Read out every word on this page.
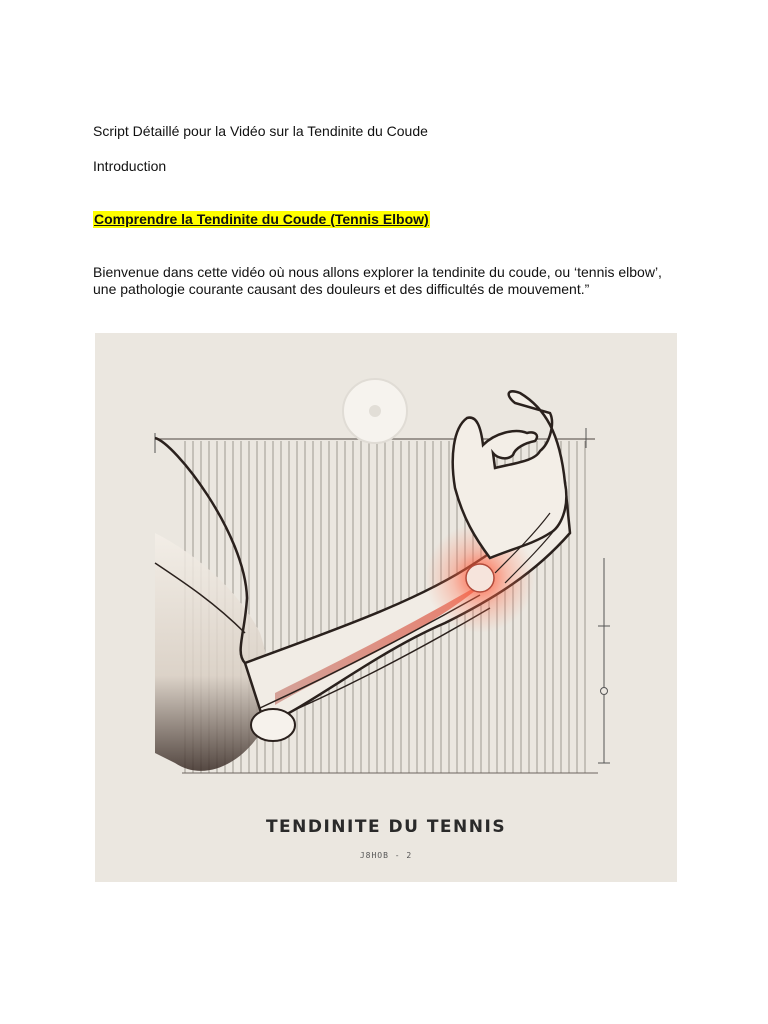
Script Détaillé pour la Vidéo sur la Tendinite du Coude
Introduction
Comprendre la Tendinite du Coude (Tennis Elbow)
Bienvenue dans cette vidéo où nous allons explorer la tendinite du coude, ou ‘tennis elbow’, une pathologie courante causant des douleurs et des difficultés de mouvement.”
TENDINITE DU TENNIS
J8HOB - 2
